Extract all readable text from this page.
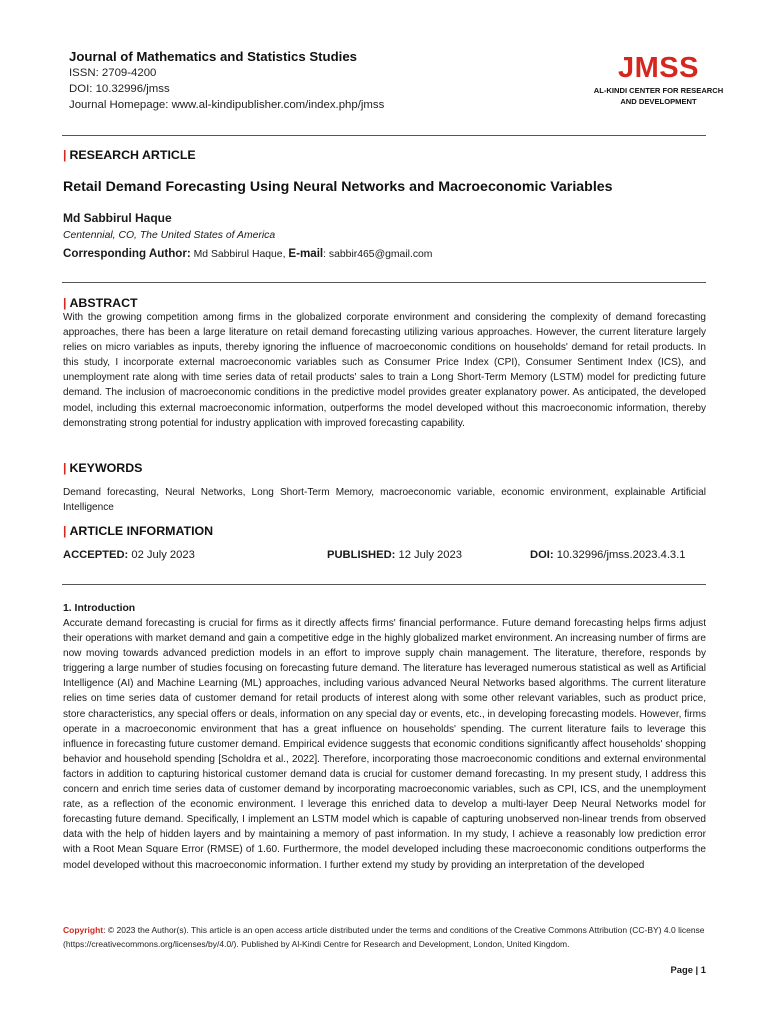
Journal of Mathematics and Statistics Studies
ISSN: 2709-4200
DOI: 10.32996/jmss
Journal Homepage: www.al-kindipublisher.com/index.php/jmss
JMSS
AL-KINDI CENTER FOR RESEARCH
AND DEVELOPMENT
| RESEARCH ARTICLE
Retail Demand Forecasting Using Neural Networks and Macroeconomic Variables
Md Sabbirul Haque
Centennial, CO, The United States of America
Corresponding Author: Md Sabbirul Haque, E-mail: sabbir465@gmail.com
| ABSTRACT
With the growing competition among firms in the globalized corporate environment and considering the complexity of demand forecasting approaches, there has been a large literature on retail demand forecasting utilizing various approaches. However, the current literature largely relies on micro variables as inputs, thereby ignoring the influence of macroeconomic conditions on households' demand for retail products. In this study, I incorporate external macroeconomic variables such as Consumer Price Index (CPI), Consumer Sentiment Index (ICS), and unemployment rate along with time series data of retail products' sales to train a Long Short-Term Memory (LSTM) model for predicting future demand. The inclusion of macroeconomic conditions in the predictive model provides greater explanatory power. As anticipated, the developed model, including this external macroeconomic information, outperforms the model developed without this macroeconomic information, thereby demonstrating strong potential for industry application with improved forecasting capability.
| KEYWORDS
Demand forecasting, Neural Networks, Long Short-Term Memory, macroeconomic variable, economic environment, explainable Artificial Intelligence
| ARTICLE INFORMATION
ACCEPTED: 02 July 2023	PUBLISHED: 12 July 2023	DOI: 10.32996/jmss.2023.4.3.1
1. Introduction
Accurate demand forecasting is crucial for firms as it directly affects firms' financial performance. Future demand forecasting helps firms adjust their operations with market demand and gain a competitive edge in the highly globalized market environment. An increasing number of firms are now moving towards advanced prediction models in an effort to improve supply chain management. The literature, therefore, responds by triggering a large number of studies focusing on forecasting future demand. The literature has leveraged numerous statistical as well as Artificial Intelligence (AI) and Machine Learning (ML) approaches, including various advanced Neural Networks based algorithms. The current literature relies on time series data of customer demand for retail products of interest along with some other relevant variables, such as product price, store characteristics, any special offers or deals, information on any special day or events, etc., in developing forecasting models. However, firms operate in a macroeconomic environment that has a great influence on households' spending. The current literature fails to leverage this influence in forecasting future customer demand. Empirical evidence suggests that economic conditions significantly affect households' shopping behavior and household spending [Scholdra et al., 2022]. Therefore, incorporating those macroeconomic conditions and external environmental factors in addition to capturing historical customer demand data is crucial for customer demand forecasting. In my present study, I address this concern and enrich time series data of customer demand by incorporating macroeconomic variables, such as CPI, ICS, and the unemployment rate, as a reflection of the economic environment. I leverage this enriched data to develop a multi-layer Deep Neural Networks model for forecasting future demand. Specifically, I implement an LSTM model which is capable of capturing unobserved non-linear trends from observed data with the help of hidden layers and by maintaining a memory of past information. In my study, I achieve a reasonably low prediction error with a Root Mean Square Error (RMSE) of 1.60. Furthermore, the model developed including these macroeconomic conditions outperforms the model developed without this macroeconomic information. I further extend my study by providing an interpretation of the developed
Copyright: © 2023 the Author(s). This article is an open access article distributed under the terms and conditions of the Creative Commons Attribution (CC-BY) 4.0 license (https://creativecommons.org/licenses/by/4.0/). Published by Al-Kindi Centre for Research and Development, London, United Kingdom.
Page | 1
